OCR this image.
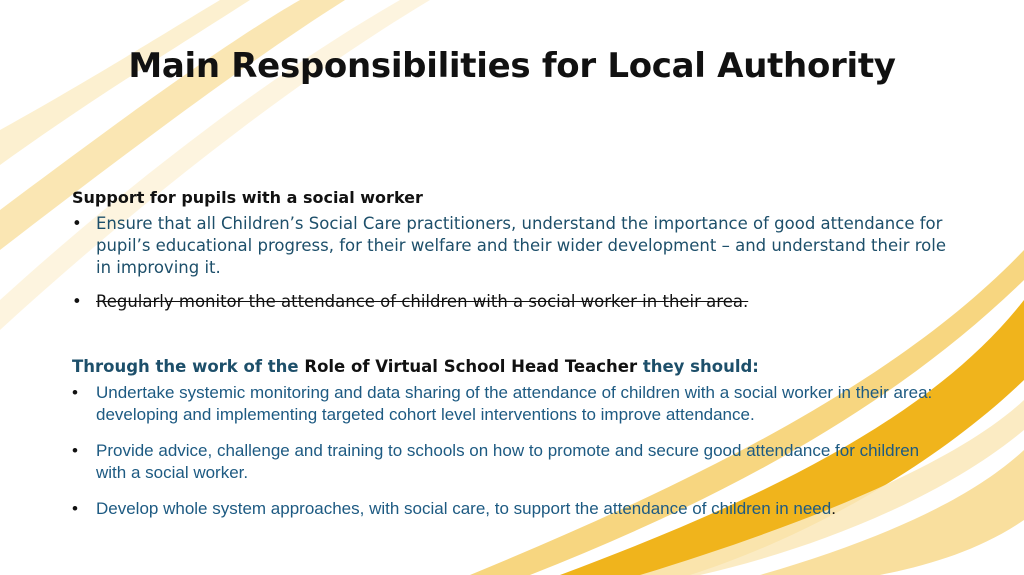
Main Responsibilities for Local Authority
Support for pupils with a social worker
• Ensure that all Children’s Social Care practitioners, understand the importance of good attendance for pupil’s educational progress, for their welfare and their wider development – and understand their role in improving it.
• Regularly monitor the attendance of children with a social worker in their area.
Through the work of the Role of Virtual School Head Teacher they should:
• Undertake systemic monitoring and data sharing of the attendance of children with a social worker in their area: developing and implementing targeted cohort level interventions to improve attendance.
• Provide advice, challenge and training to schools on how to promote and secure good attendance for children with a social worker.
• Develop whole system approaches, with social care, to support the attendance of children in need.
